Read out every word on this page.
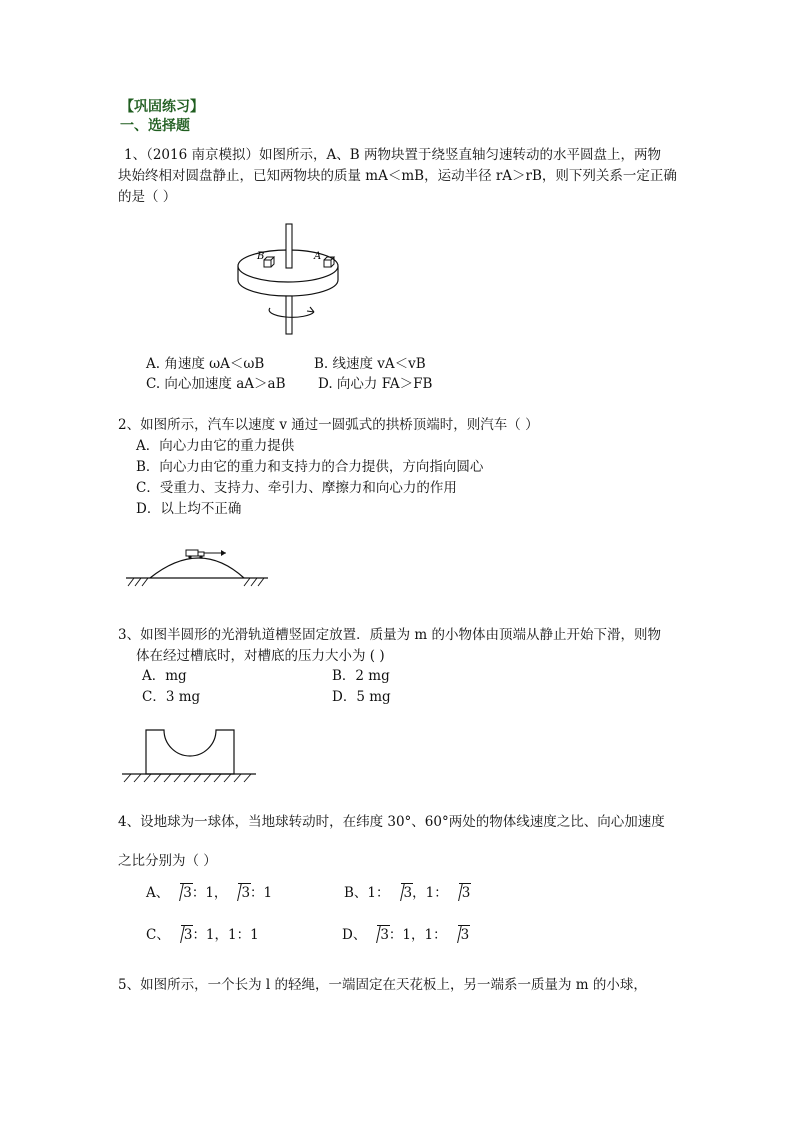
【巩固练习】
一、选择题
1、（2016 南京模拟）如图所示，A、B 两物块置于绕竖直轴匀速转动的水平圆盘上，两物
块始终相对圆盘静止，已知两物块的质量 mA＜mB，运动半径 rA＞rB，则下列关系一定正确
的是（ ）
B	A
A. 角速度 ωA＜ωB	B. 线速度 vA＜vB
C. 向心加速度 aA＞aB D. 向心力 FA＞FB
2、如图所示，汽车以速度 v 通过一圆弧式的拱桥顶端时，则汽车（ ）
A．向心力由它的重力提供
B．向心力由它的重力和支持力的合力提供，方向指向圆心
C．受重力、支持力、牵引力、摩擦力和向心力的作用
D．以上均不正确
3、如图半圆形的光滑轨道槽竖固定放置．质量为 m 的小物体由顶端从静止开始下滑，则物
体在经过槽底时，对槽底的压力大小为 ( )
A．mg	B．2 mg
C．3 mg	D．5 mg
4、设地球为一球体，当地球转动时，在纬度 30°、60°两处的物体线速度之比、向心加速度
之比分别为（ ）
A、 3：1， 3：1	B、1： 3，1： 3
C、 3：1，1：1	D、 3：1，1： 3
5、如图所示，一个长为 l 的轻绳，一端固定在天花板上，另一端系一质量为 m 的小球，
